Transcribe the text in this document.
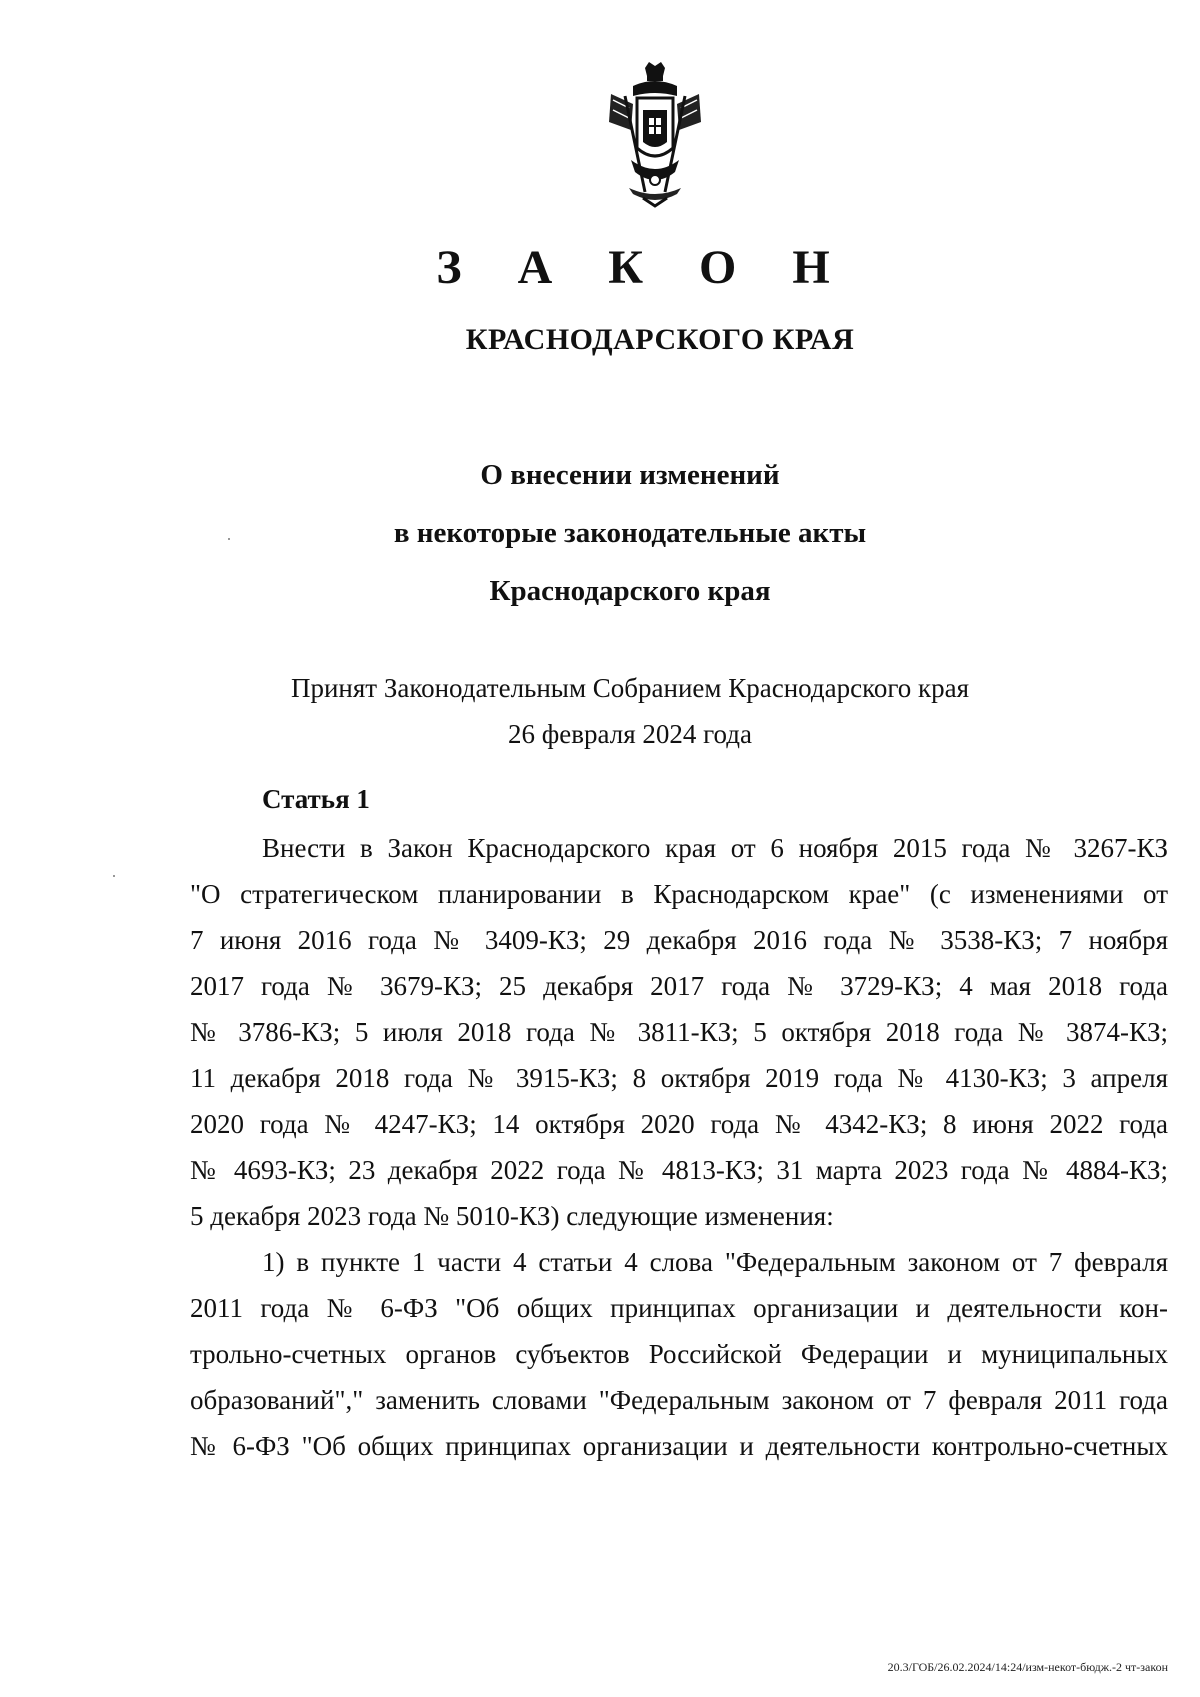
З А К О Н
КРАСНОДАРСКОГО КРАЯ
О внесении изменений
в некоторые законодательные акты
Краснодарского края
Принят Законодательным Собранием Краснодарского края
26 февраля 2024 года
Статья 1
Внести в Закон Краснодарского края от 6 ноября 2015 года № 3267-КЗ
"О стратегическом планировании в Краснодарском крае" (с изменениями от
7 июня 2016 года № 3409-КЗ; 29 декабря 2016 года № 3538-КЗ; 7 ноября
2017 года № 3679-КЗ; 25 декабря 2017 года № 3729-КЗ; 4 мая 2018 года
№ 3786-КЗ; 5 июля 2018 года № 3811-КЗ; 5 октября 2018 года № 3874-КЗ;
11 декабря 2018 года № 3915-КЗ; 8 октября 2019 года № 4130-КЗ; 3 апреля
2020 года № 4247-КЗ; 14 октября 2020 года № 4342-КЗ; 8 июня 2022 года
№ 4693-КЗ; 23 декабря 2022 года № 4813-КЗ; 31 марта 2023 года № 4884-КЗ;
5 декабря 2023 года № 5010-КЗ) следующие изменения:
1) в пункте 1 части 4 статьи 4 слова "Федеральным законом от 7 февраля
2011 года № 6-ФЗ "Об общих принципах организации и деятельности кон-
трольно-счетных органов субъектов Российской Федерации и муниципальных
образований"," заменить словами "Федеральным законом от 7 февраля 2011 года
№ 6-ФЗ "Об общих принципах организации и деятельности контрольно-счетных
20.3/ГОБ/26.02.2024/14:24/изм-некот-бюдж.-2 чт-закон
